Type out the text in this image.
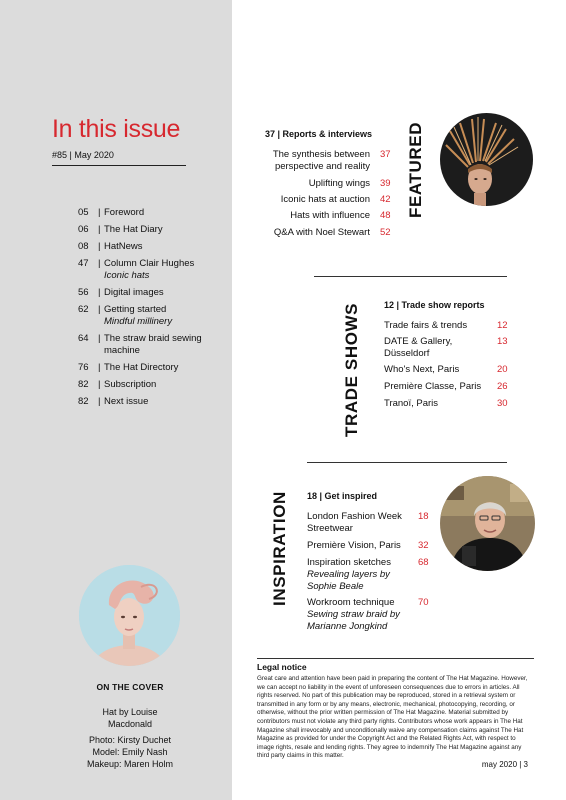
In this issue
#85 | May 2020
05 | Foreword
06 | The Hat Diary
08 | HatNews
47 | Column Clair Hughes
Iconic hats
56 | Digital images
62 | Getting started
Mindful millinery
64 | The straw braid sewing machine
76 | The Hat Directory
82 | Subscription
82 | Next issue
ON THE COVER
Hat by Louise Macdonald
Photo: Kirsty Duchet
Model: Emily Nash
Makeup: Maren Holm
37 | Reports & interviews
The synthesis between perspective and reality
37
Uplifting wings 39
Iconic hats at auction 42
Hats with influence 48
Q&A with Noel Stewart 52
FEATURED
TRADE SHOWS	12 | Trade show reports
Trade fairs & trends	12
DATE & Gallery, Düsseldorf
13
Who's Next, Paris	20
Première Classe, Paris	26
Tranoï, Paris	30
INSPIRATION 18 | Get inspired
London Fashion Week Streetwear
18
Première Vision, Paris	32
Inspiration sketches
Revealing layers by Sophie Beale
68
Workroom technique
Sewing straw braid by Marianne Jongkind
70
Legal notice
Great care and attention have been paid in preparing the content of The Hat Magazine. However, we can accept no liability in the event of unforeseen consequences due to errors in articles. All rights reserved. No part of this publication may be reproduced, stored in a retrieval system or transmitted in any form or by any means, electronic, mechanical, photocopying, recording, or otherwise, without the prior written permission of The Hat Magazine. Material submitted by contributors must not violate any third party rights. Contributors whose work appears in The Hat Magazine shall irrevocably and unconditionally waive any compensation claims against The Hat Magazine as provided for under the Copyright Act and the Related Rights Act, with respect to image rights, resale and lending rights. They agree to indemnify The Hat Magazine against any third party claims in this matter.
may 2020 | 3
